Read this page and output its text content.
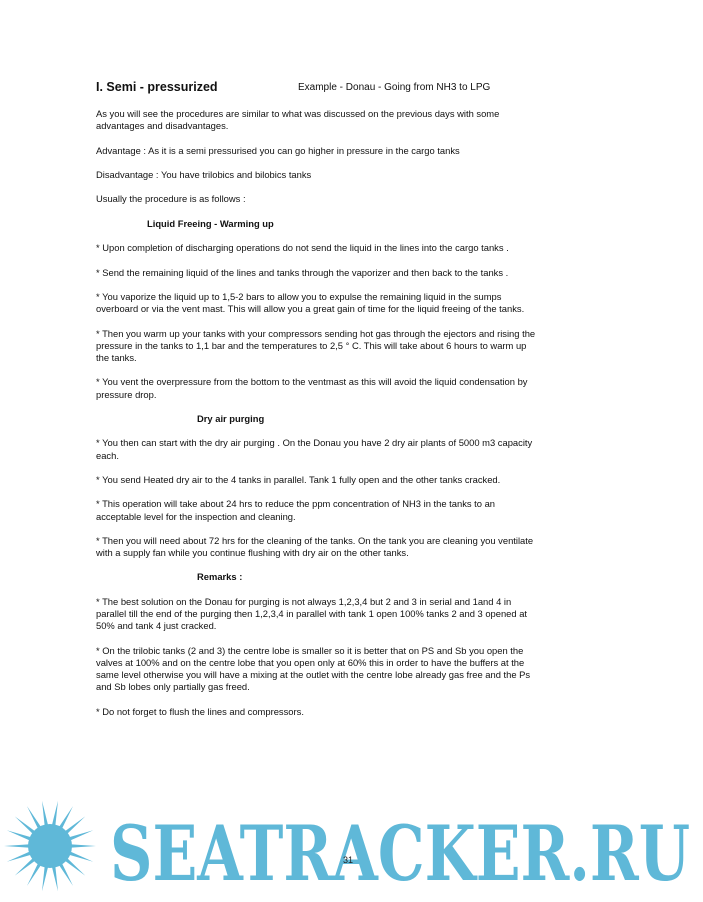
I. Semi - pressurized	Example - Donau - Going from NH3 to LPG

As you will see the procedures are similar to what was discussed on the previous days with some advantages and disadvantages.

Advantage : As it is a semi pressurised you can go higher in pressure in the cargo tanks

Disadvantage : You have trilobics and bilobics tanks

Usually the procedure is as follows :

Liquid Freeing - Warming up

* Upon completion of discharging operations do not send the liquid in the lines into the cargo tanks .

* Send the remaining liquid of the lines and tanks through the vaporizer and then back to the tanks .

* You vaporize the liquid up to 1,5-2 bars to allow you to expulse the remaining liquid in the sumps overboard or via the vent mast. This will allow you a great gain of time for the liquid freeing of the tanks.

* Then you warm up your tanks with your compressors sending hot gas through the ejectors and rising the pressure in the tanks to 1,1 bar and the temperatures to 2,5 ° C. This will take about 6 hours to warm up the tanks.

* You vent the overpressure from the bottom to the ventmast as this will avoid the liquid condensation by pressure drop.

Dry air purging

* You then can start with the dry air purging . On the Donau you have 2 dry air plants of 5000 m3 capacity each.

* You send Heated dry air to the 4 tanks in parallel. Tank 1 fully open and the other tanks cracked.

* This operation will take about 24 hrs to reduce the ppm concentration of NH3 in the tanks to an acceptable level for the inspection and cleaning.

* Then you will need about 72 hrs for the cleaning of the tanks. On the tank you are cleaning you ventilate with a supply fan while you continue flushing with dry air on the other tanks.

Remarks :

* The best solution on the Donau for purging is not always 1,2,3,4 but 2 and 3 in serial and 1and 4 in parallel till the end of the purging then 1,2,3,4 in parallel with tank 1 open 100% tanks 2 and 3 opened at 50% and tank 4 just cracked.

* On the trilobic tanks (2 and 3) the centre lobe is smaller so it is better that on PS and Sb you open the valves at 100% and on the centre lobe that you open only at 60% this in order to have the buffers at the same level otherwise you will have a mixing at the outlet with the centre lobe already gas free and the Ps and Sb lobes only partially gas freed.

* Do not forget to flush the lines and compressors.

SEATRACKER.RU
31
